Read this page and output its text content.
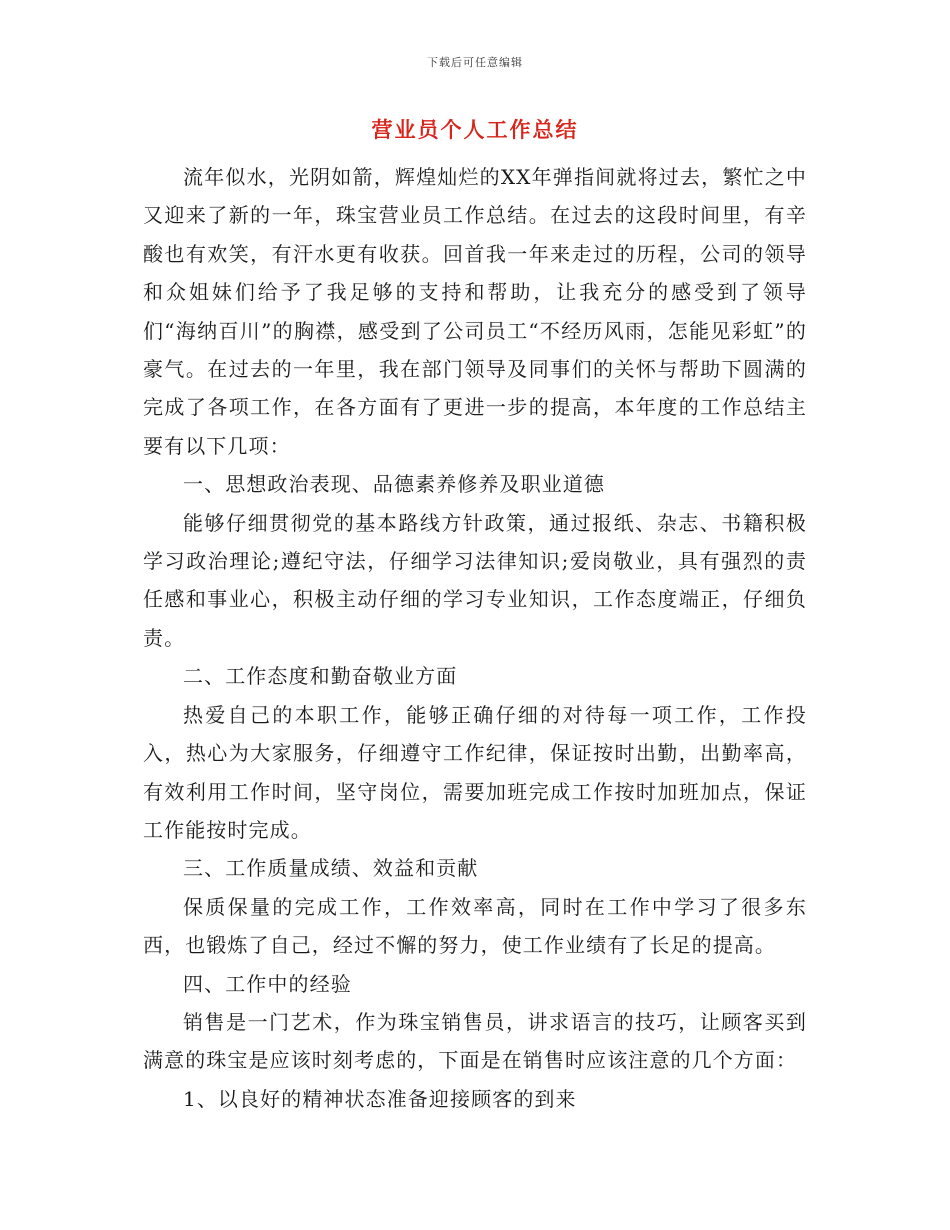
下载后可任意编辑
营业员个人工作总结

流年似水，光阴如箭，辉煌灿烂的XX年弹指间就将过去，繁忙之中又迎来了新的一年，珠宝营业员工作总结。在过去的这段时间里，有辛酸也有欢笑，有汗水更有收获。回首我一年来走过的历程，公司的领导和众姐妹们给予了我足够的支持和帮助，让我充分的感受到了领导们“海纳百川”的胸襟，感受到了公司员工“不经历风雨，怎能见彩虹”的豪气。在过去的一年里，我在部门领导及同事们的关怀与帮助下圆满的完成了各项工作，在各方面有了更进一步的提高，本年度的工作总结主要有以下几项：

一、思想政治表现、品德素养修养及职业道德

能够仔细贯彻党的基本路线方针政策，通过报纸、杂志、书籍积极学习政治理论;遵纪守法，仔细学习法律知识;爱岗敬业，具有强烈的责任感和事业心，积极主动仔细的学习专业知识，工作态度端正，仔细负责。

二、工作态度和勤奋敬业方面

热爱自己的本职工作，能够正确仔细的对待每一项工作，工作投入，热心为大家服务，仔细遵守工作纪律，保证按时出勤，出勤率高，有效利用工作时间，坚守岗位，需要加班完成工作按时加班加点，保证工作能按时完成。

三、工作质量成绩、效益和贡献

保质保量的完成工作，工作效率高，同时在工作中学习了很多东西，也锻炼了自己，经过不懈的努力，使工作业绩有了长足的提高。

四、工作中的经验

销售是一门艺术，作为珠宝销售员，讲求语言的技巧，让顾客买到满意的珠宝是应该时刻考虑的，下面是在销售时应该注意的几个方面：

1、以良好的精神状态准备迎接顾客的到来
